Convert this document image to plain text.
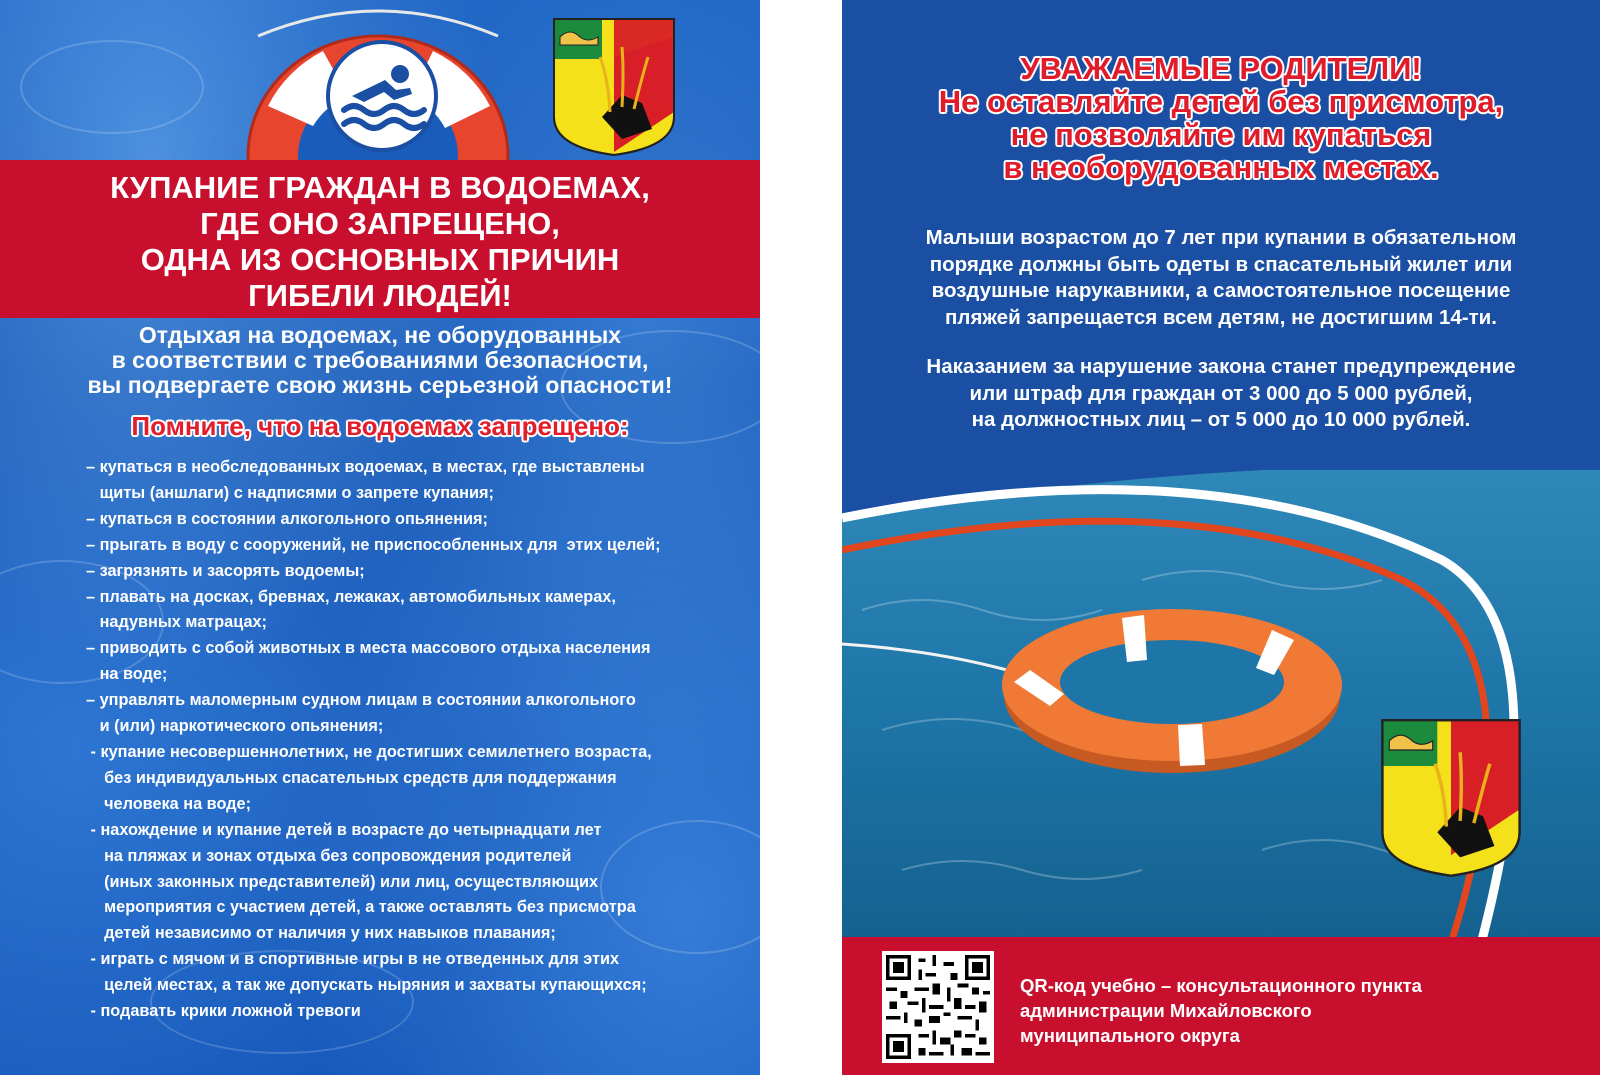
КУПАНИЕ ГРАЖДАН В ВОДОЕМАХ,
ГДЕ ОНО ЗАПРЕЩЕНО,
ОДНА ИЗ ОСНОВНЫХ ПРИЧИН
ГИБЕЛИ ЛЮДЕЙ!
Отдыхая на водоемах, не оборудованных
в соответствии с требованиями безопасности,
вы подвергаете свою жизнь серьезной опасности!
Помните, что на водоемах запрещено:
– купаться в необследованных водоемах, в местах, где выставлены
щиты (аншлаги) с надписями о запрете купания;
– купаться в состоянии алкогольного опьянения;
– прыгать в воду с сооружений, не приспособленных для  этих целей;
– загрязнять и засорять водоемы;
– плавать на досках, бревнах, лежаках, автомобильных камерах,
надувных матрацах;
– приводить с собой животных в места массового отдыха населения
на воде;
– управлять маломерным судном лицам в состоянии алкогольного
и (или) наркотического опьянения;
- купание несовершеннолетних, не достигших семилетнего возраста,
без индивидуальных спасательных средств для поддержания
человека на воде;
- нахождение и купание детей в возрасте до четырнадцати лет
на пляжах и зонах отдыха без сопровождения родителей
(иных законных представителей) или лиц, осуществляющих
мероприятия с участием детей, а также оставлять без присмотра
детей независимо от наличия у них навыков плавания;
- играть с мячом и в спортивные игры в не отведенных для этих
целей местах, а так же допускать ныряния и захваты купающихся;
- подавать крики ложной тревоги
УВАЖАЕМЫЕ РОДИТЕЛИ!
Не оставляйте детей без присмотра,
не позволяйте им купаться
в необорудованных местах.
Малыши возрастом до 7 лет при купании в обязательном
порядке должны быть одеты в спасательный жилет или
воздушные нарукавники, а самостоятельное посещение
пляжей запрещается всем детям, не достигшим 14-ти.
Наказанием за нарушение закона станет предупреждение
или штраф для граждан от 3 000 до 5 000 рублей,
на должностных лиц – от 5 000 до 10 000 рублей.
QR-код учебно – консультационного пункта
администрации Михайловского
муниципального округа
